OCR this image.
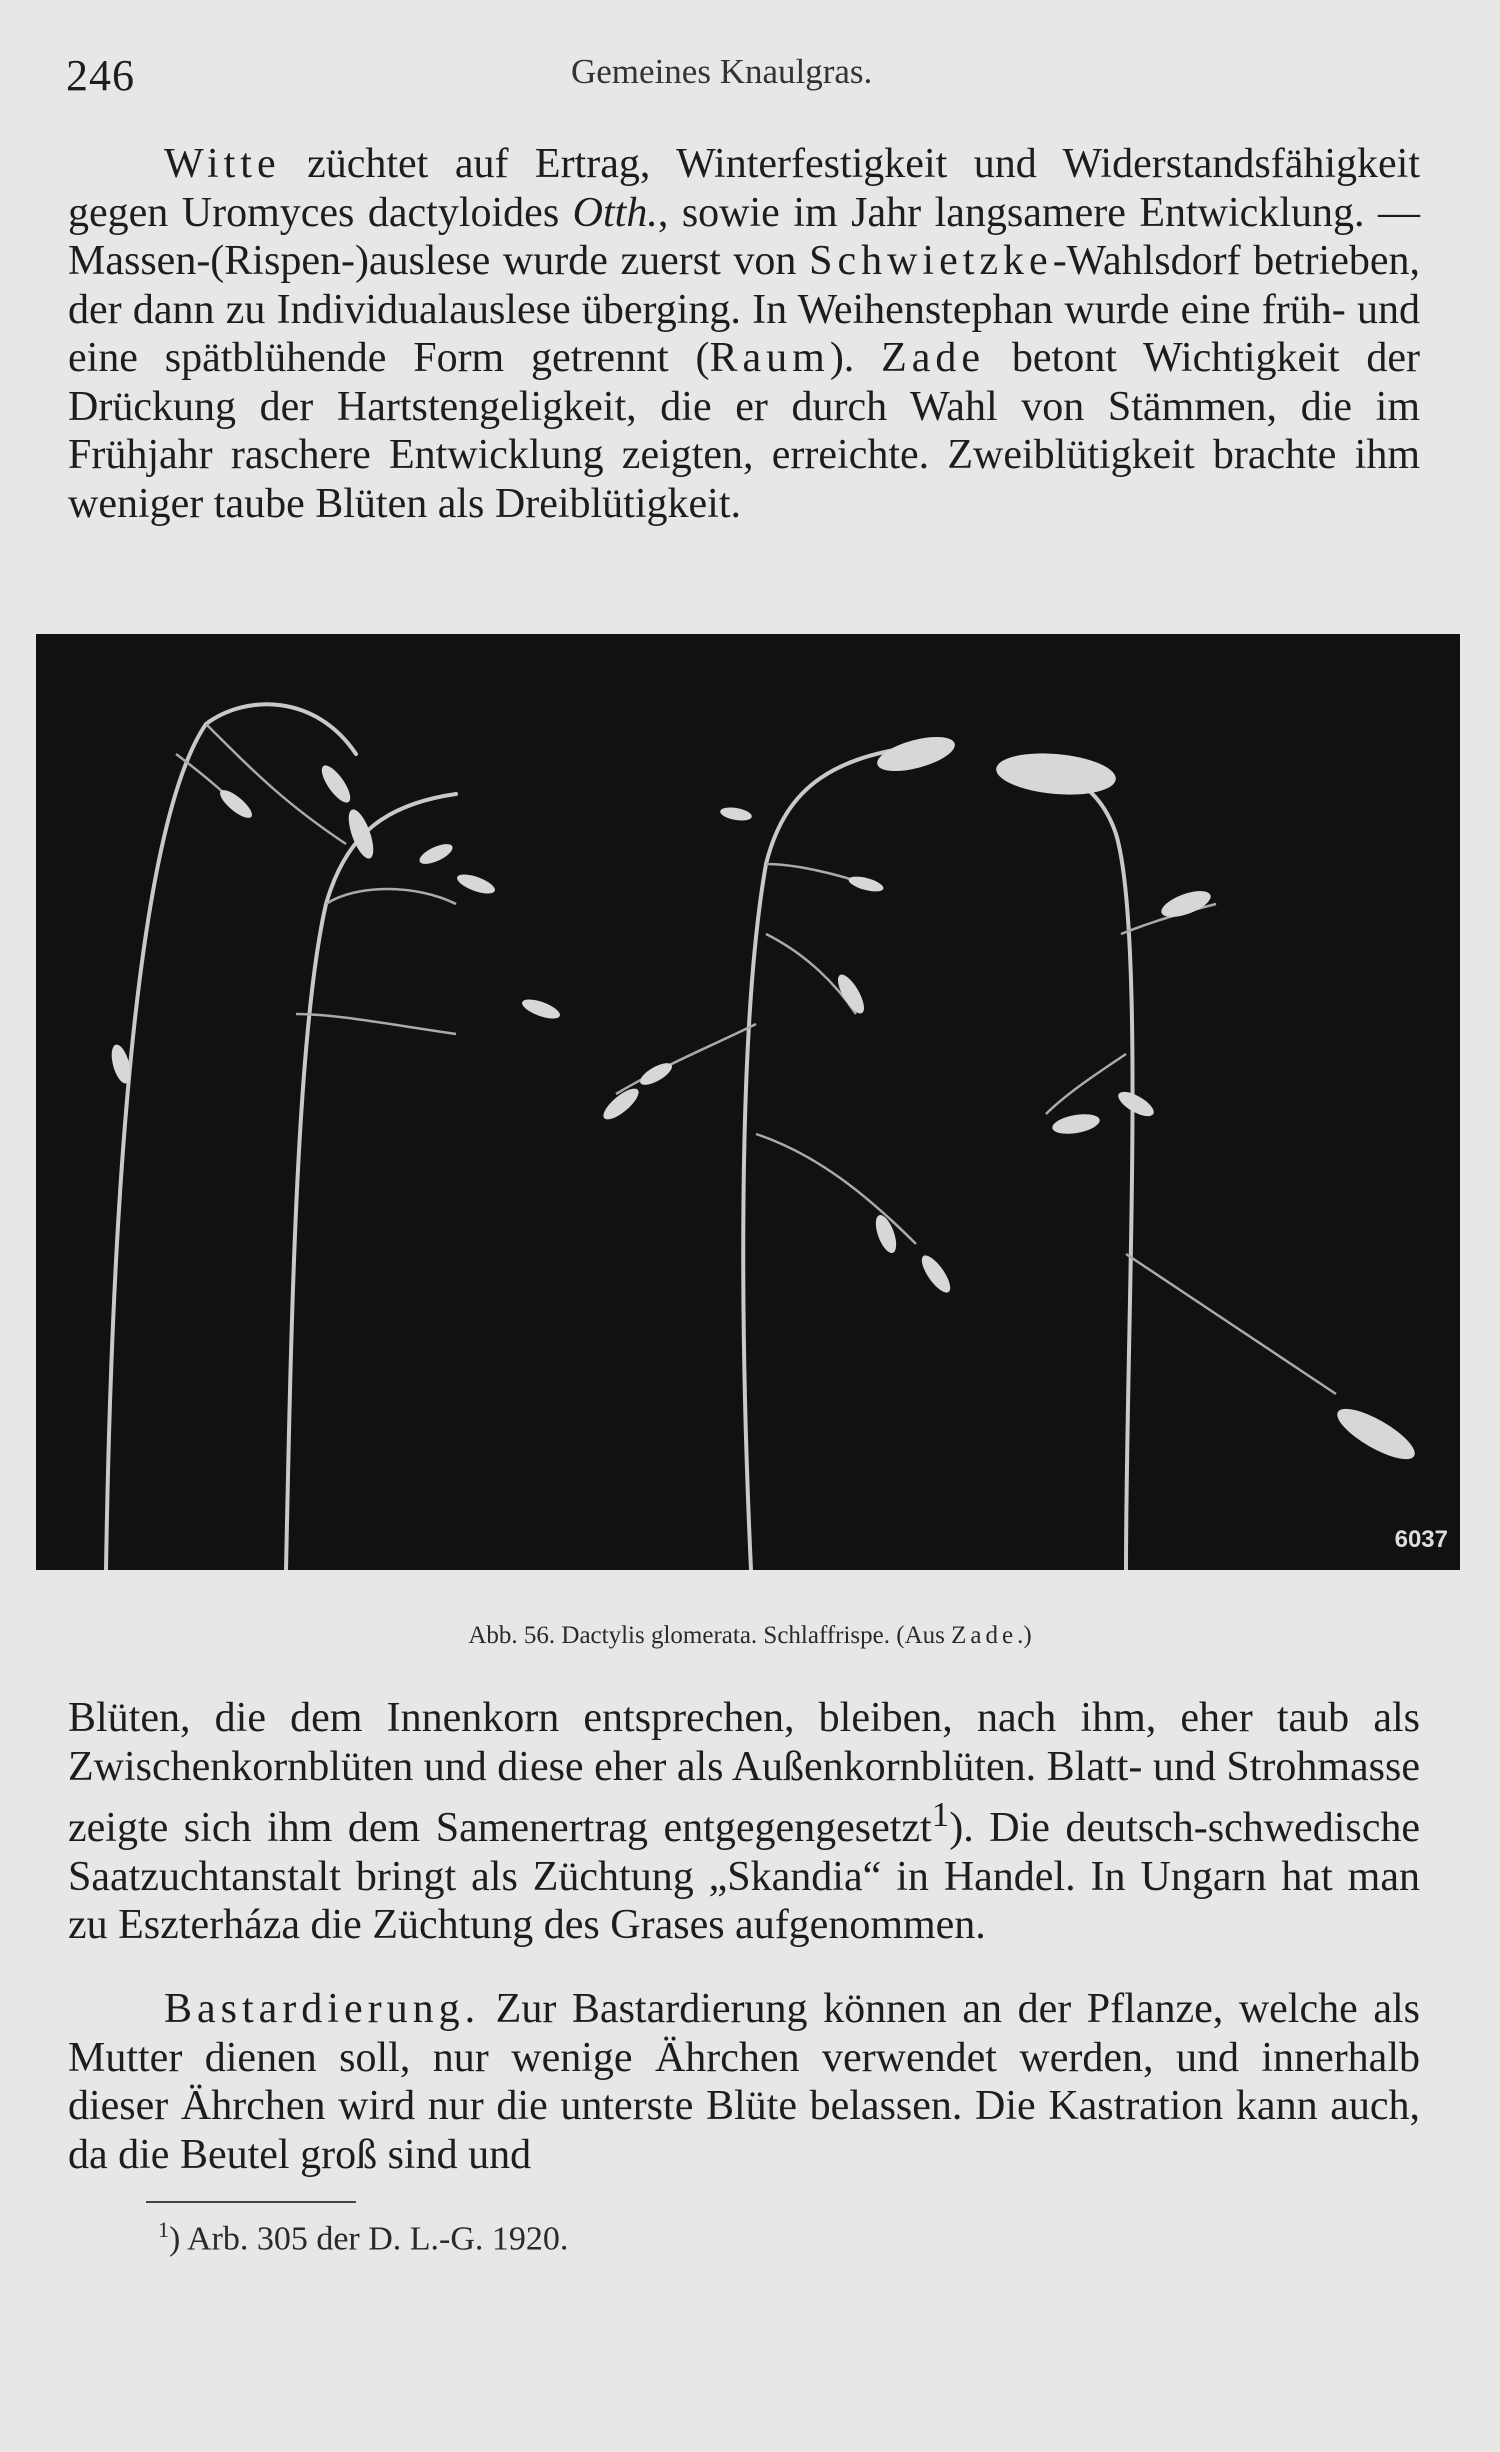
246	Gemeines Knaulgras.

Witte züchtet auf Ertrag, Winterfestigkeit und Widerstandsfähigkeit gegen Uromyces dactyloides Otth., sowie im Jahr langsamere Entwicklung. — Massen-(Rispen-)auslese wurde zuerst von Schwietzke-Wahlsdorf betrieben, der dann zu Individualauslese überging. In Weihenstephan wurde eine früh- und eine spätblühende Form getrennt (Raum). Zade betont Wichtigkeit der Drückung der Hartstengeligkeit, die er durch Wahl von Stämmen, die im Frühjahr raschere Entwicklung zeigten, erreichte. Zweiblütigkeit brachte ihm weniger taube Blüten als Dreiblütigkeit.

6037
Abb. 56. Dactylis glomerata. Schlaffrispe. (Aus Zade.)

Blüten, die dem Innenkorn entsprechen, bleiben, nach ihm, eher taub als Zwischenkornblüten und diese eher als Außenkornblüten. Blatt- und Strohmasse zeigte sich ihm dem Samenertrag entgegengesetzt$^1$). Die deutsch-schwedische Saatzuchtanstalt bringt als Züchtung „Skandia“ in Handel. In Ungarn hat man zu Eszterháza die Züchtung des Grases aufgenommen.

Bastardierung. Zur Bastardierung können an der Pflanze, welche als Mutter dienen soll, nur wenige Ährchen verwendet werden, und innerhalb dieser Ährchen wird nur die unterste Blüte belassen. Die Kastration kann auch, da die Beutel groß sind und

$^1$) Arb. 305 der D. L.-G. 1920.
